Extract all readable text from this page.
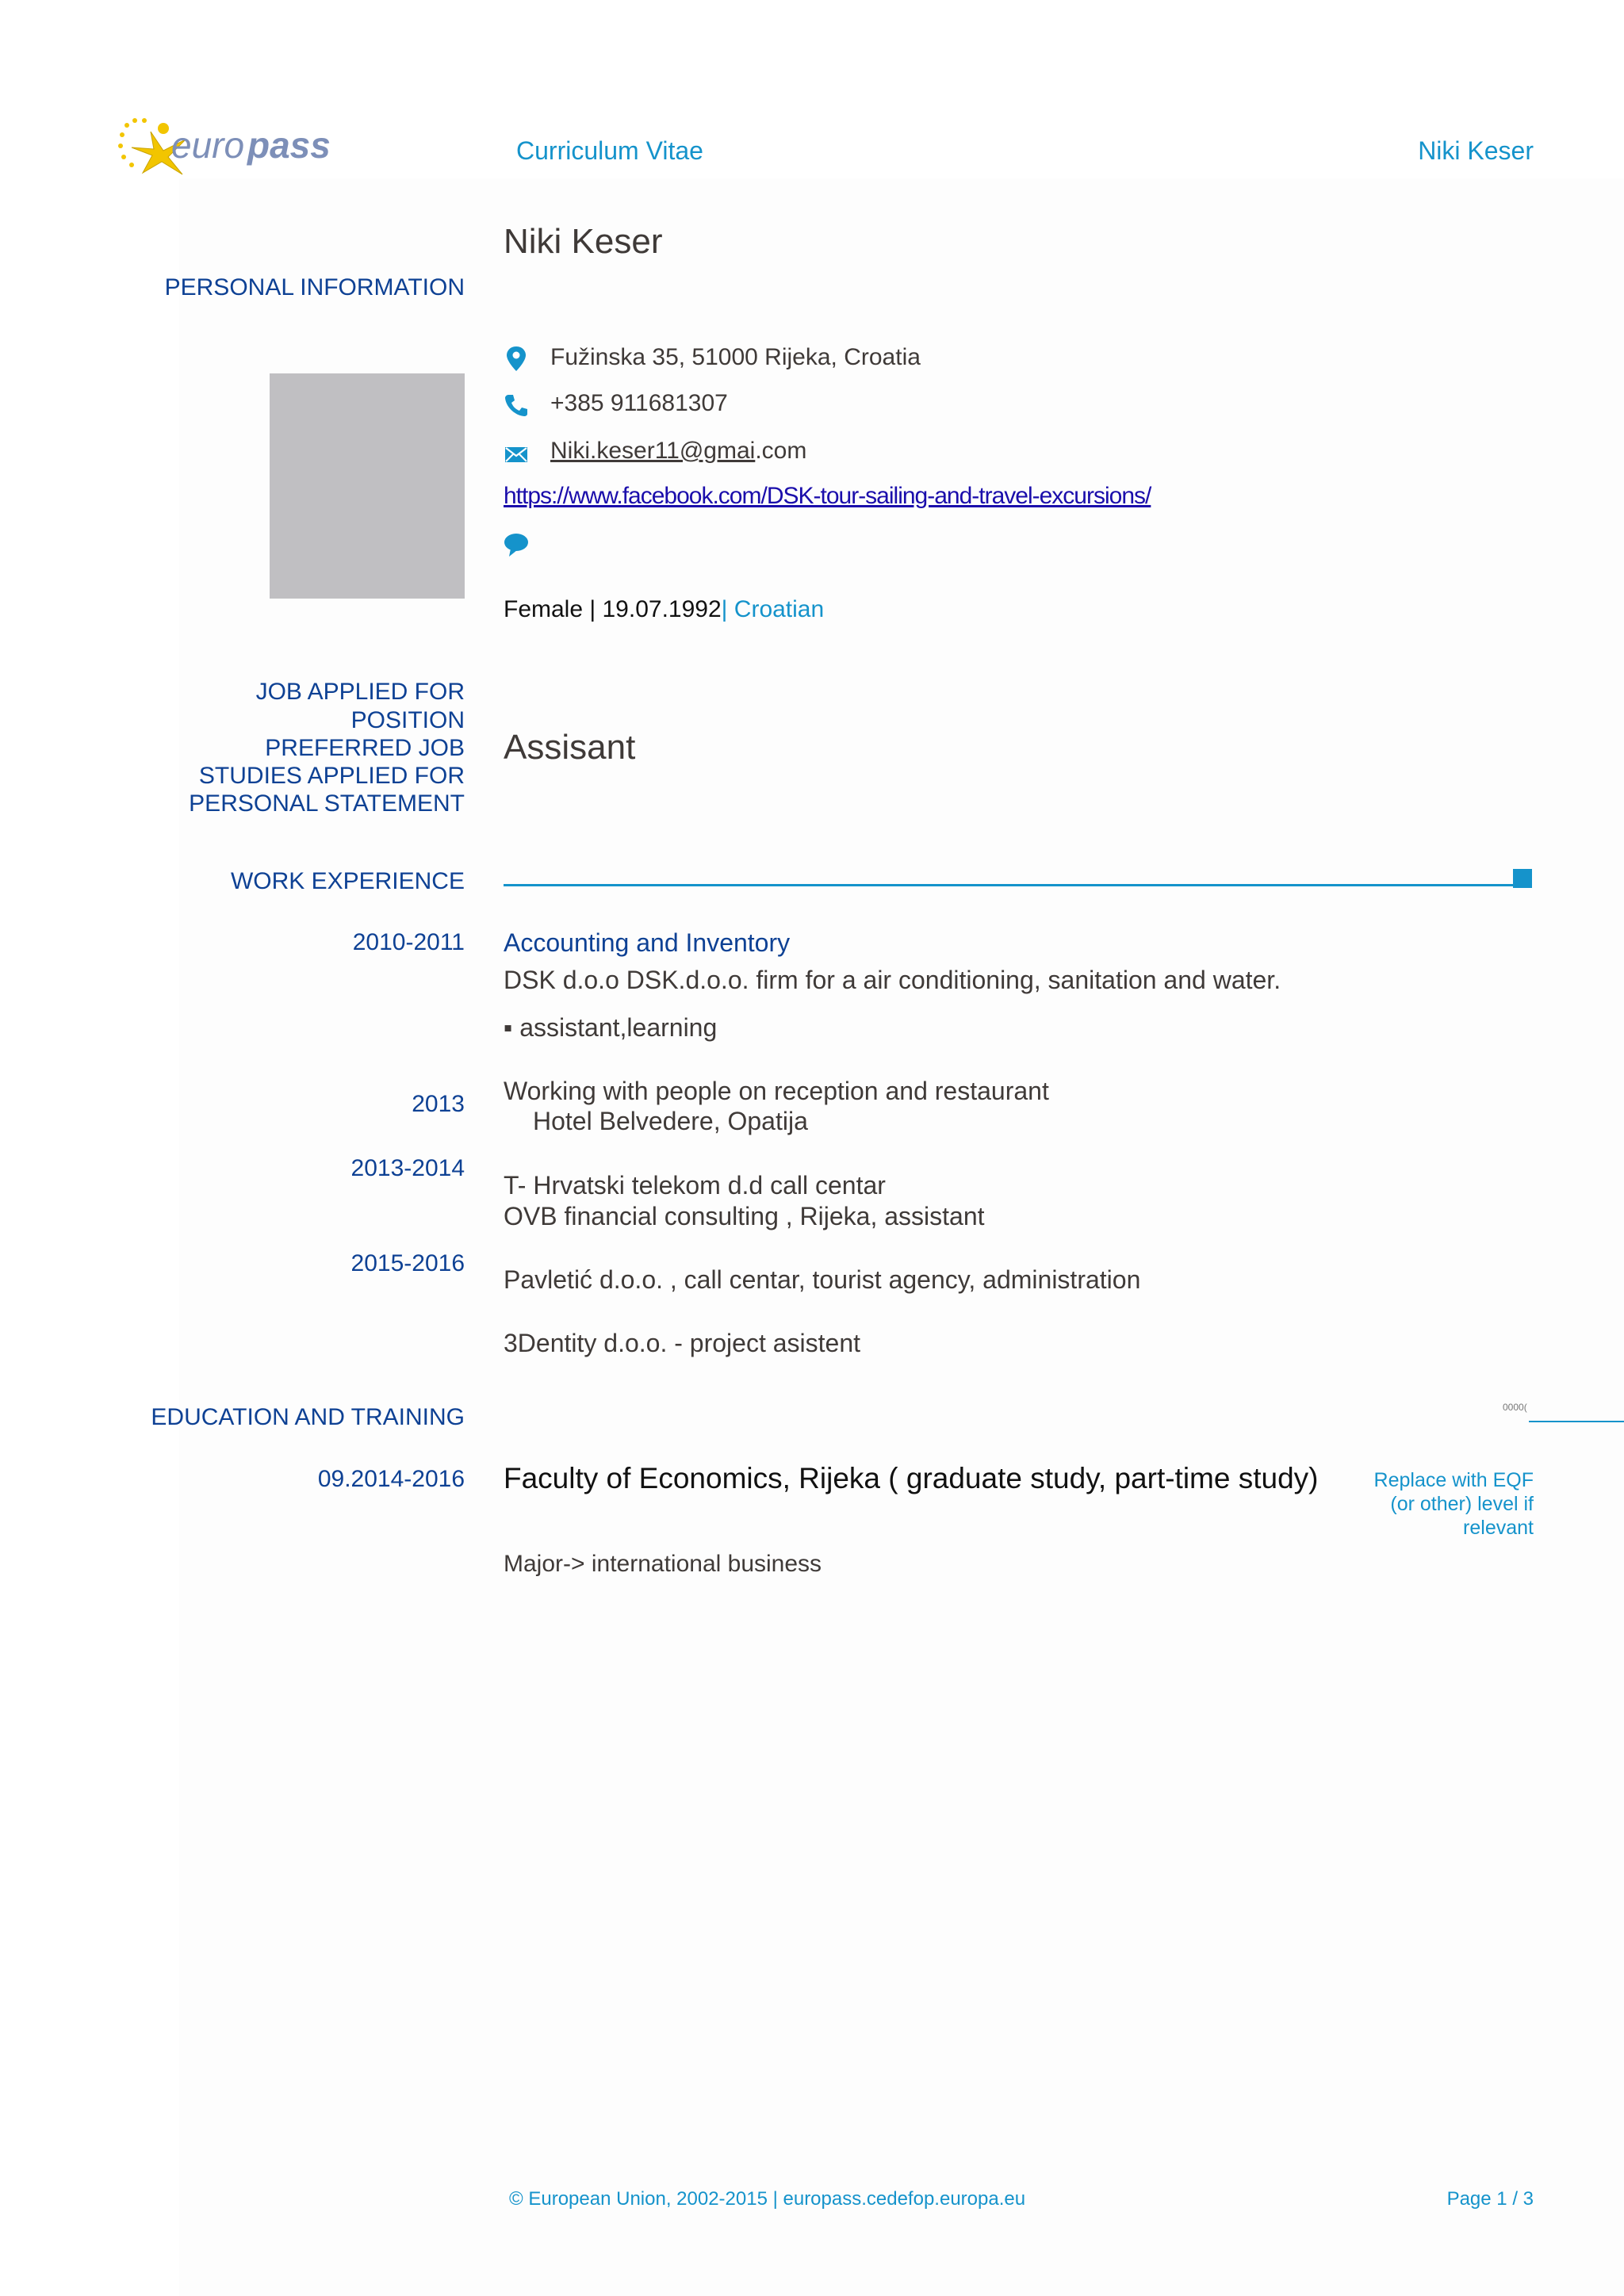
euro pass	Curriculum Vitae	Niki Keser
Niki Keser
PERSONAL INFORMATION
Fužinska 35, 51000 Rijeka, Croatia
+385 911681307
Niki.keser11@gmai.com
https://www.facebook.com/DSK-tour-sailing-and-travel-excursions/
Female | 19.07.1992| Croatian
JOB APPLIED FOR
POSITION
PREFERRED JOB
STUDIES APPLIED FOR
PERSONAL STATEMENT
Assisant
WORK EXPERIENCE
2010-2011 Accounting and Inventory
DSK d.o.o DSK.d.o.o. firm for a air conditioning, sanitation and water.
▪ assistant,learning
2013 Working with people on reception and restaurant
Hotel Belvedere, Opatija
2013-2014
T- Hrvatski telekom d.d call centar
OVB financial consulting , Rijeka, assistant
2015-2016
Pavletić d.o.o. , call centar, tourist agency, administration
3Dentity d.o.o. - project asistent
EDUCATION AND TRAINING	0000(
09.2014-2016 Faculty of Economics, Rijeka ( graduate study, part-time study)	Replace with EQF
(or other) level if
relevant
Major-> international business
© European Union, 2002-2015 | europass.cedefop.europa.eu	Page 1 / 3
